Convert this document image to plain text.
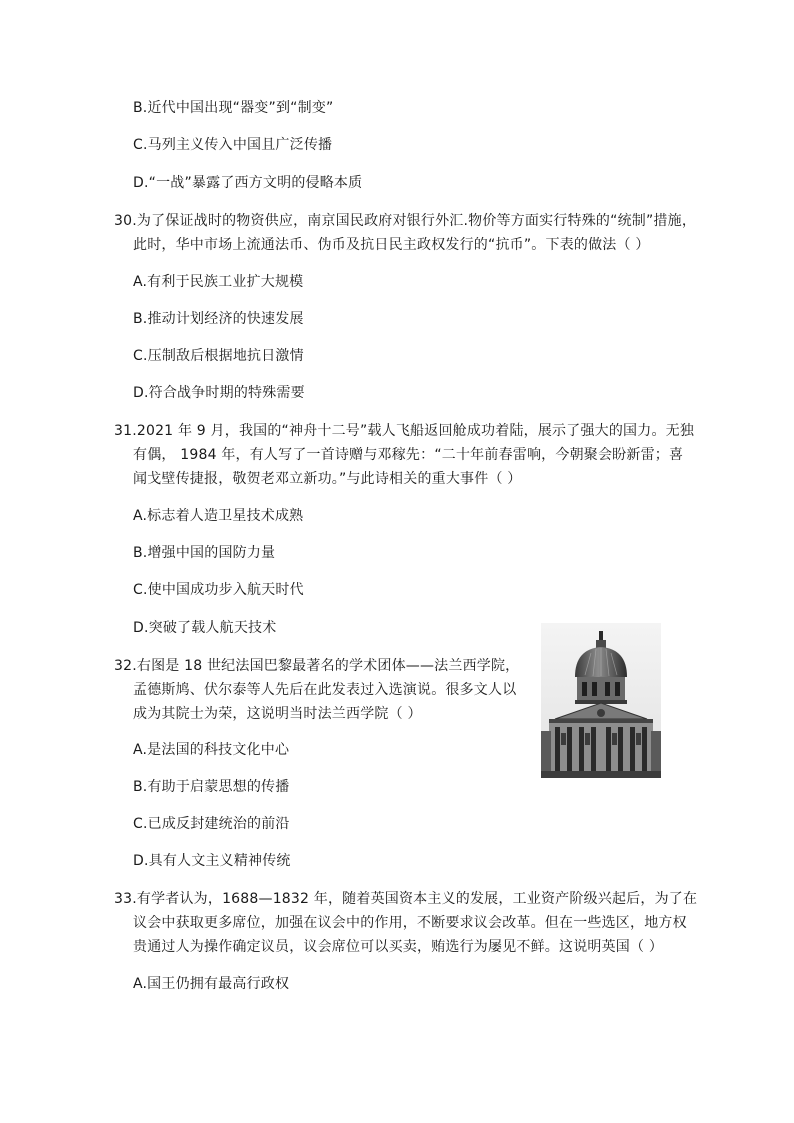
B.近代中国出现“器变”到“制变”
C.马列主义传入中国且广泛传播
D.“一战”暴露了西方文明的侵略本质
30.为了保证战时的物资供应，南京国民政府对银行外汇.物价等方面实行特殊的“统制”措施，
此时，华中市场上流通法币、伪币及抗日民主政权发行的“抗币”。下表的做法（ ）
A.有利于民族工业扩大规模
B.推动计划经济的快速发展
C.压制敌后根据地抗日激情
D.符合战争时期的特殊需要
31.2021 年 9 月，我国的“神舟十二号”载人飞船返回舱成功着陆，展示了强大的国力。无独
有偶， 1984 年，有人写了一首诗赠与邓稼先：“二十年前春雷响，今朝聚会盼新雷；喜
闻戈壁传捷报，敬贺老邓立新功。”与此诗相关的重大事件（ ）
A.标志着人造卫星技术成熟
B.增强中国的国防力量
C.使中国成功步入航天时代
D.突破了载人航天技术
32.右图是 18 世纪法国巴黎最著名的学术团体——法兰西学院，
孟德斯鸠、伏尔泰等人先后在此发表过入选演说。很多文人以
成为其院士为荣，这说明当时法兰西学院（ ）
A.是法国的科技文化中心
B.有助于启蒙思想的传播
C.已成反封建统治的前沿
D.具有人文主义精神传统
33.有学者认为，1688—1832 年，随着英国资本主义的发展，工业资产阶级兴起后，为了在
议会中获取更多席位，加强在议会中的作用，不断要求议会改革。但在一些选区，地方权
贵通过人为操作确定议员，议会席位可以买卖，贿选行为屡见不鲜。这说明英国（ ）
A.国王仍拥有最高行政权
